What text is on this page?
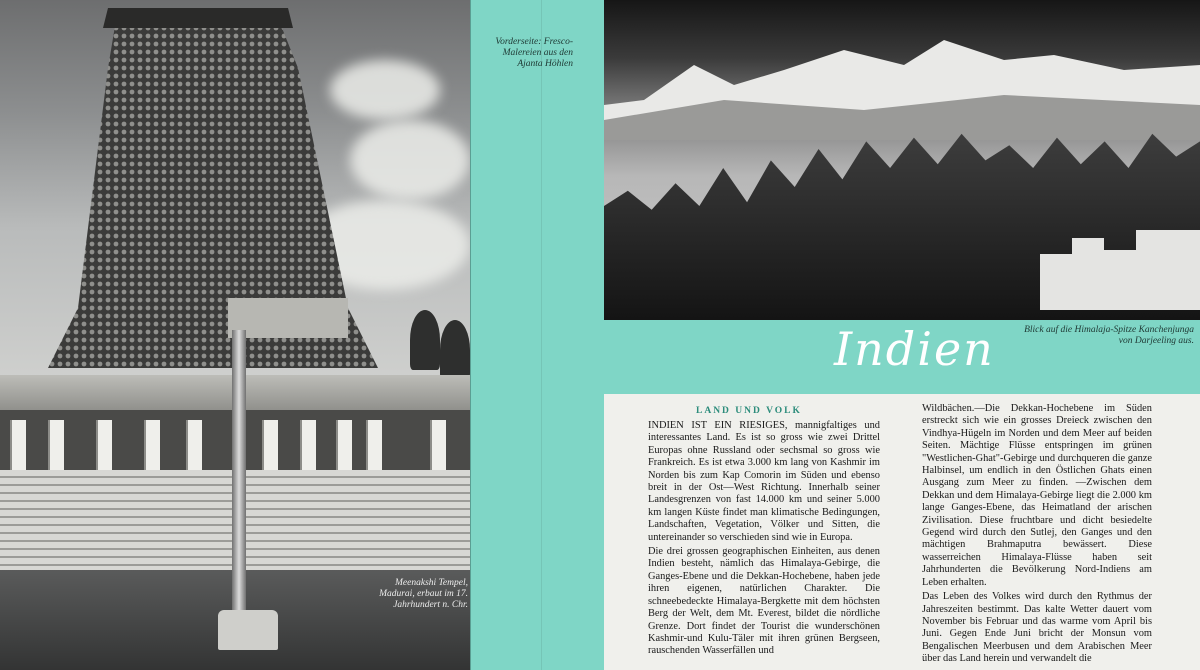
Meenakshi Tempel, Madurai, erbaut im 17. Jahrhundert n. Chr.
Vorderseite: Fresco-Malereien aus den Ajanta Höhlen
Indien	Blick auf die Himalaja-Spitze Kanchenjunga von Darjeeling aus.
LAND UND VOLK

INDIEN IST EIN RIESIGES, mannigfaltiges und interessantes Land. Es ist so gross wie zwei Drittel Europas ohne Russland oder sechsmal so gross wie Frankreich. Es ist etwa 3.000 km lang von Kashmir im Norden bis zum Kap Comorin im Süden und ebenso breit in der Ost—West Richtung. Innerhalb seiner Landesgrenzen von fast 14.000 km und seiner 5.000 km langen Küste findet man klimatische Bedingungen, Landschaften, Vegetation, Völker und Sitten, die untereinander so verschieden sind wie in Europa.

Die drei grossen geographischen Einheiten, aus denen Indien besteht, nämlich das Himalaya-Gebirge, die Ganges-Ebene und die Dekkan-Hochebene, haben jede ihren eigenen, natürlichen Charakter. Die schneebedeckte Himalaya-Bergkette mit dem höchsten Berg der Welt, dem Mt. Everest, bildet die nördliche Grenze. Dort findet der Tourist die wunderschönen Kashmir-und Kulu-Täler mit ihren grünen Bergseen, rauschenden Wasserfällen und

Wildbächen.—Die Dekkan-Hochebene im Süden erstreckt sich wie ein grosses Dreieck zwischen den Vindhya-Hügeln im Norden und dem Meer auf beiden Seiten. Mächtige Flüsse entspringen im grünen "Westlichen-Ghat"-Gebirge und durchqueren die ganze Halbinsel, um endlich in den Östlichen Ghats einen Ausgang zum Meer zu finden. —Zwischen dem Dekkan und dem Himalaya-Gebirge liegt die 2.000 km lange Ganges-Ebene, das Heimatland der arischen Zivilisation. Diese fruchtbare und dicht besiedelte Gegend wird durch den Sutlej, den Ganges und den mächtigen Brahmaputra bewässert. Diese wasserreichen Himalaya-Flüsse haben seit Jahrhunderten die Bevölkerung Nord-Indiens am Leben erhalten.

Das Leben des Volkes wird durch den Rythmus der Jahreszeiten bestimmt. Das kalte Wetter dauert vom November bis Februar und das warme vom April bis Juni. Gegen Ende Juni bricht der Monsun vom Bengalischen Meerbusen und dem Arabischen Meer über das Land herein und verwandelt die
